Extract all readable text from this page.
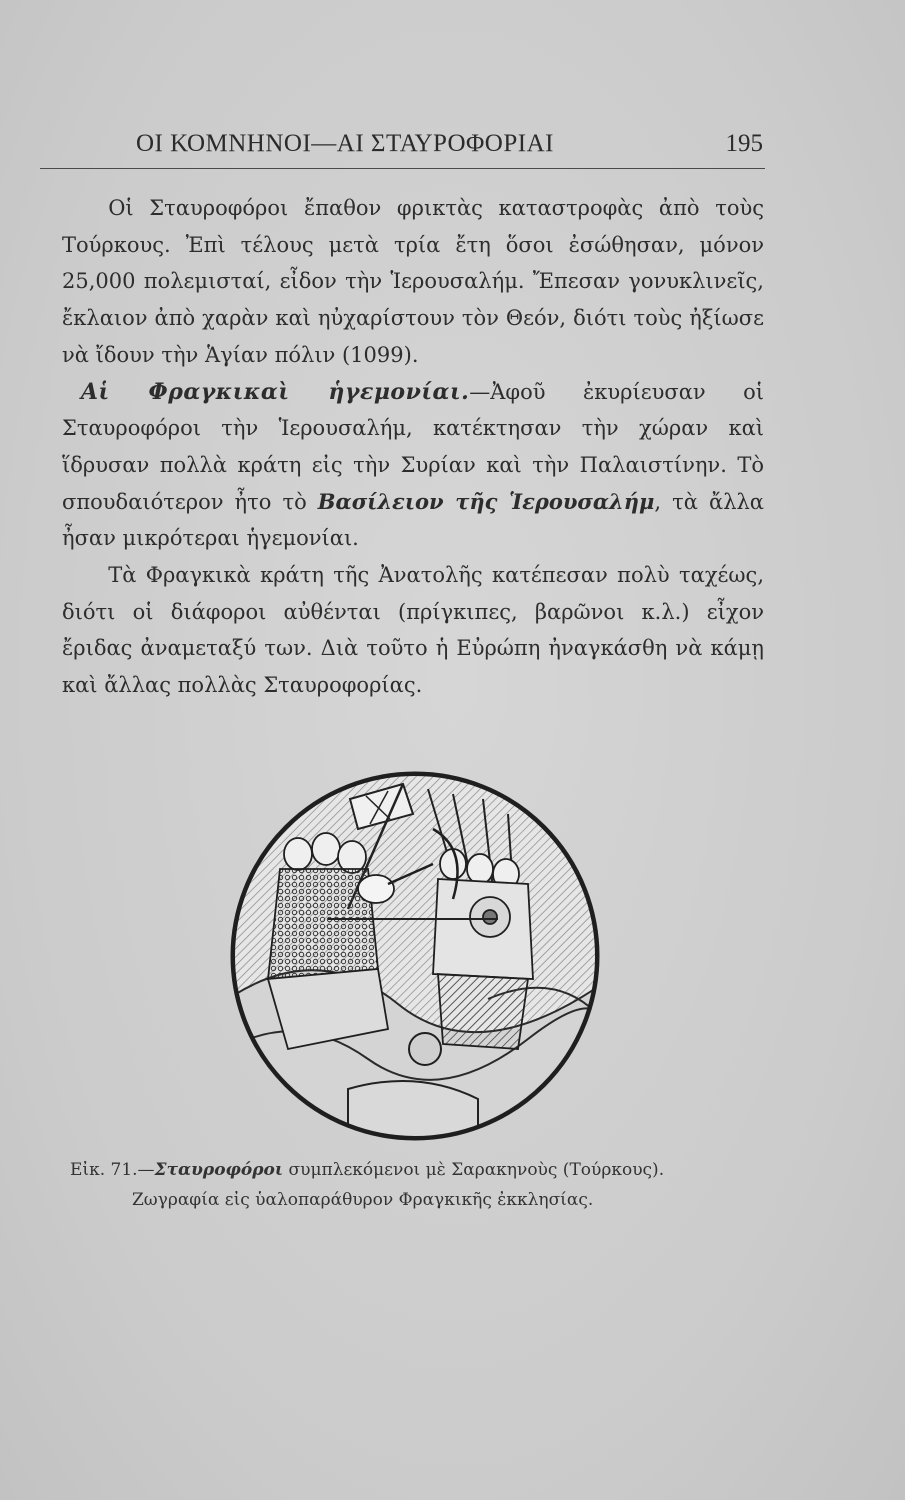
ΟΙ ΚΟΜΝΗΝΟΙ—ΑΙ ΣΤΑΥΡΟΦΟΡΙΑΙ	195

Οἱ Σταυροφόροι ἔπαθον φρικτὰς καταστροφὰς ἀπὸ τοὺς Τούρκους. Ἐπὶ τέλους μετὰ τρία ἔτη ὅσοι ἐσώθησαν, μόνον 25,000 πολεμισταί, εἶδον τὴν Ἱερουσαλήμ. Ἔπεσαν γονυκλινεῖς, ἔκλαιον ἀπὸ χαρὰν καὶ ηὐχαρίστουν τὸν Θεόν, διότι τοὺς ἠξίωσε νὰ ἴδουν τὴν Ἁγίαν πόλιν (1099).

Αἱ Φραγκικαὶ ἡγεμονίαι.—Ἀφοῦ ἐκυρίευσαν οἱ Σταυροφόροι τὴν Ἱερουσαλήμ, κατέκτησαν τὴν χώραν καὶ ἵδρυσαν πολλὰ κράτη εἰς τὴν Συρίαν καὶ τὴν Παλαιστίνην. Τὸ σπουδαιότερον ἦτο τὸ Βασίλειον τῆς Ἱερουσαλήμ, τὰ ἄλλα ἦσαν μικρότεραι ἡγεμονίαι.

Τὰ Φραγκικὰ κράτη τῆς Ἀνατολῆς κατέπεσαν πολὺ ταχέως, διότι οἱ διάφοροι αὐθένται (πρίγκιπες, βαρῶνοι κ.λ.) εἶχον ἔριδας ἀναμεταξύ των. Διὰ τοῦτο ἡ Εὐρώπη ἠναγκάσθη νὰ κάμῃ καὶ ἄλλας πολλὰς Σταυροφορίας.

Εἰκ. 71.—Σταυροφόροι συμπλεκόμενοι μὲ Σαρακηνοὺς (Τούρκους).
Ζωγραφία εἰς ὑαλοπαράθυρον Φραγκικῆς ἐκκλησίας.
